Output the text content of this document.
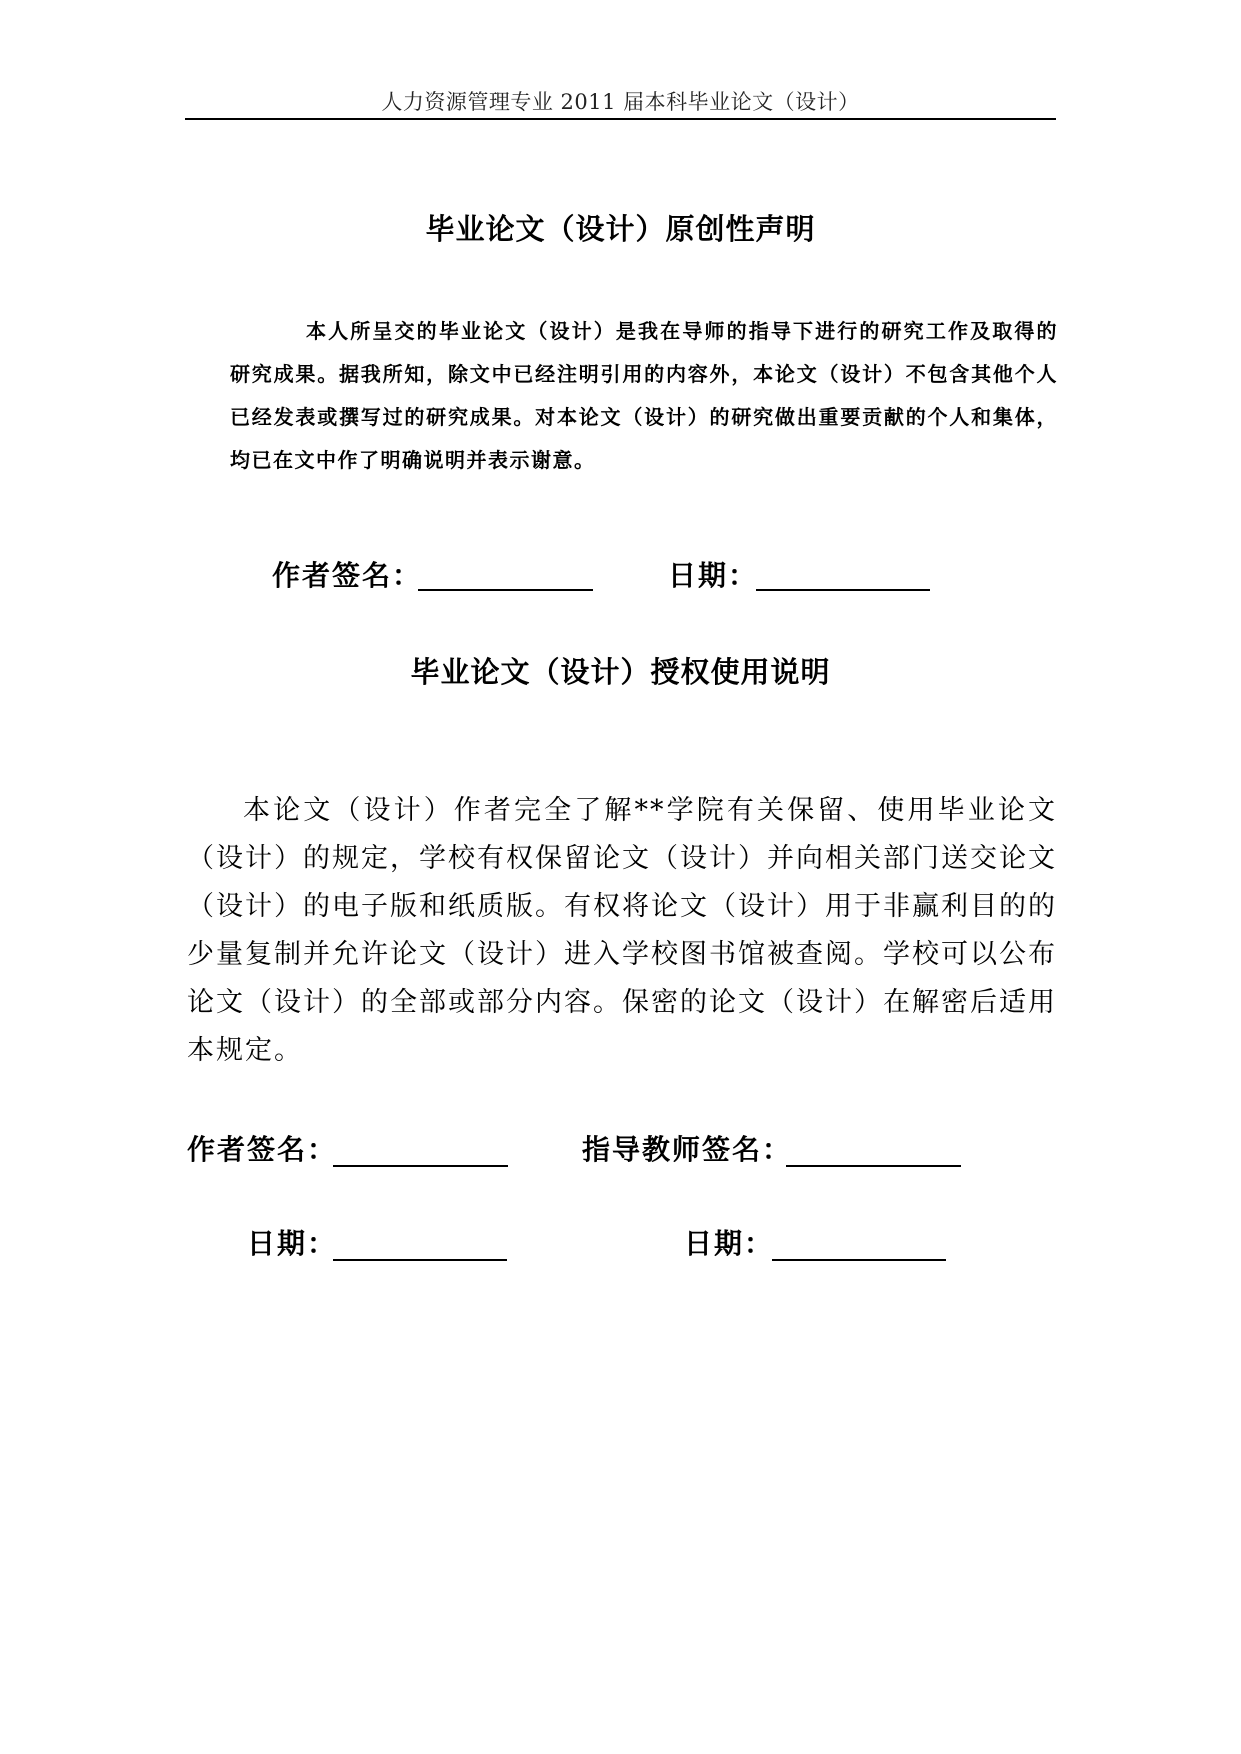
人力资源管理专业 2011 届本科毕业论文（设计）
毕业论文（设计）原创性声明

本人所呈交的毕业论文（设计）是我在导师的指导下进行的研究工作及取得的研究成果。据我所知，除文中已经注明引用的内容外，本论文（设计）不包含其他个人已经发表或撰写过的研究成果。对本论文（设计）的研究做出重要贡献的个人和集体，均已在文中作了明确说明并表示谢意。

作者签名：	日期：
毕业论文（设计）授权使用说明

本论文（设计）作者完全了解**学院有关保留、使用毕业论文（设计）的规定，学校有权保留论文（设计）并向相关部门送交论文（设计）的电子版和纸质版。有权将论文（设计）用于非赢利目的的少量复制并允许论文（设计）进入学校图书馆被查阅。学校可以公布论文（设计）的全部或部分内容。保密的论文（设计）在解密后适用本规定。

作者签名：	指导教师签名：
日期：	日期：
